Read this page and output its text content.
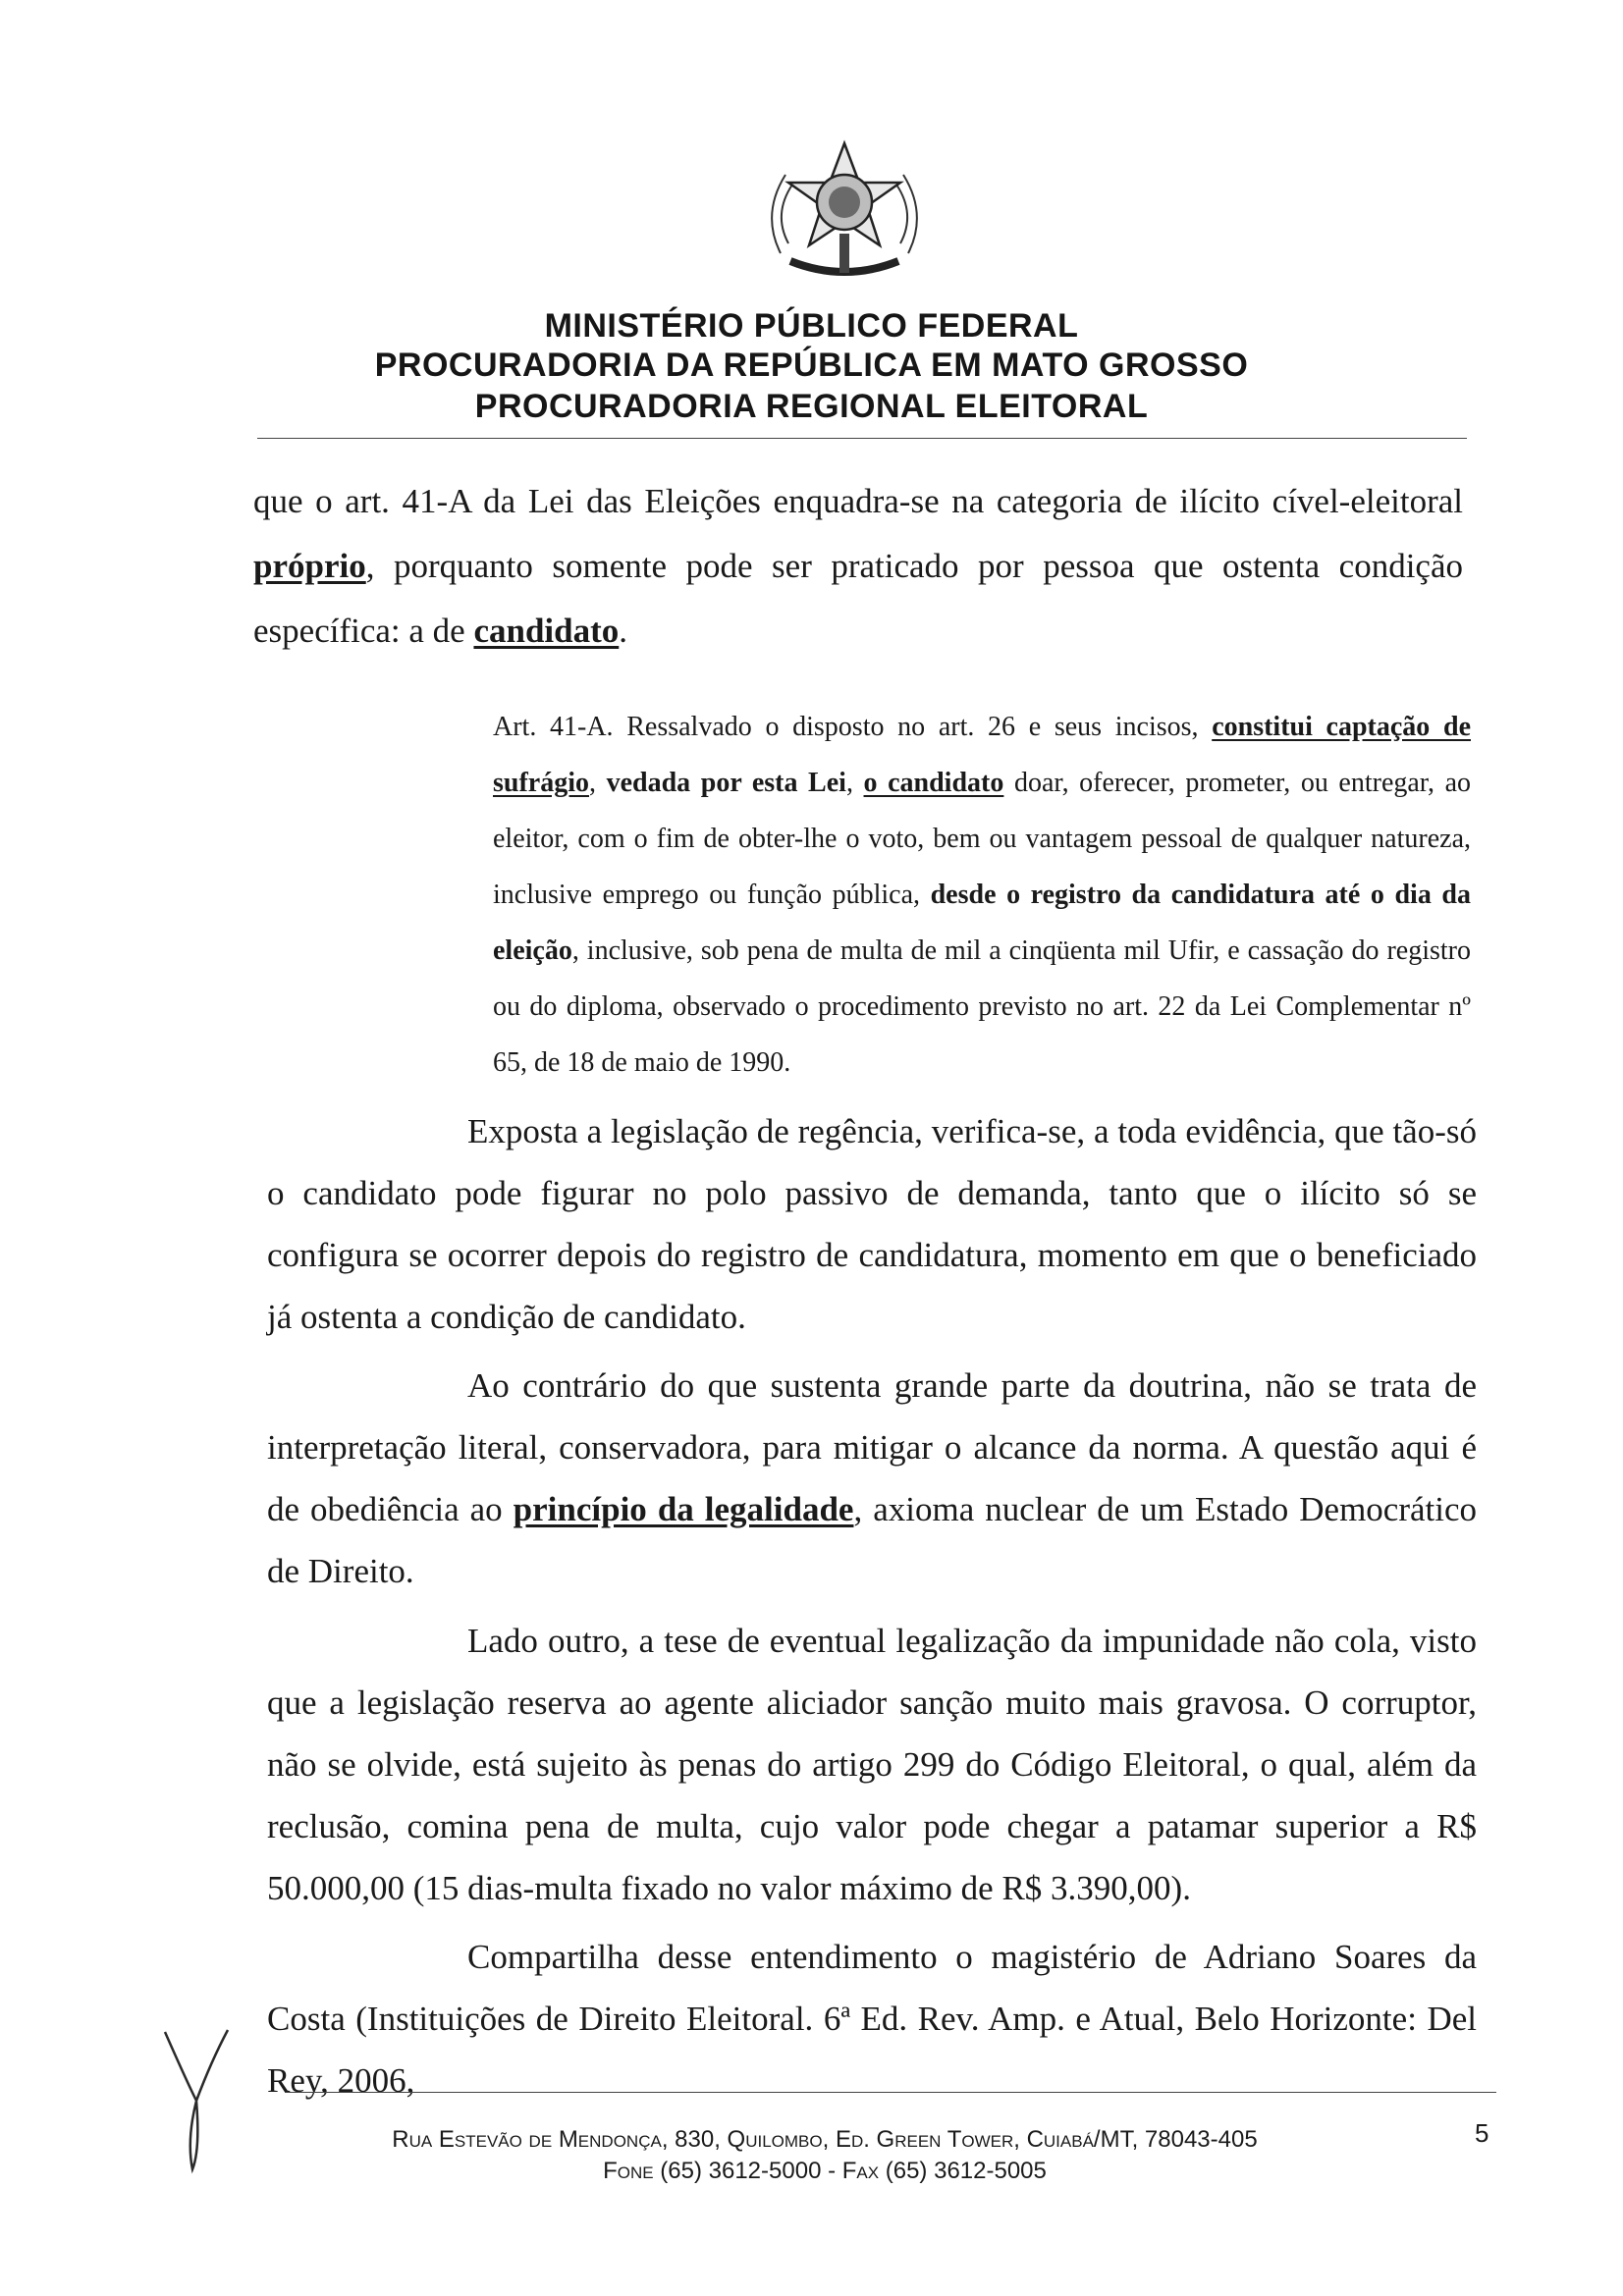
MINISTÉRIO PÚBLICO FEDERAL
PROCURADORIA DA REPÚBLICA EM MATO GROSSO
PROCURADORIA REGIONAL ELEITORAL

que o art. 41-A da Lei das Eleições enquadra-se na categoria de ilícito cível-eleitoral próprio, porquanto somente pode ser praticado por pessoa que ostenta condição específica: a de candidato.

Art. 41-A. Ressalvado o disposto no art. 26 e seus incisos, constitui captação de sufrágio, vedada por esta Lei, o candidato doar, oferecer, prometer, ou entregar, ao eleitor, com o fim de obter-lhe o voto, bem ou vantagem pessoal de qualquer natureza, inclusive emprego ou função pública, desde o registro da candidatura até o dia da eleição, inclusive, sob pena de multa de mil a cinqüenta mil Ufir, e cassação do registro ou do diploma, observado o procedimento previsto no art. 22 da Lei Complementar nº 65, de 18 de maio de 1990.

Exposta a legislação de regência, verifica-se, a toda evidência, que tão-só o candidato pode figurar no polo passivo de demanda, tanto que o ilícito só se configura se ocorrer depois do registro de candidatura, momento em que o beneficiado já ostenta a condição de candidato.

Ao contrário do que sustenta grande parte da doutrina, não se trata de interpretação literal, conservadora, para mitigar o alcance da norma. A questão aqui é de obediência ao princípio da legalidade, axioma nuclear de um Estado Democrático de Direito.

Lado outro, a tese de eventual legalização da impunidade não cola, visto que a legislação reserva ao agente aliciador sanção muito mais gravosa. O corruptor, não se olvide, está sujeito às penas do artigo 299 do Código Eleitoral, o qual, além da reclusão, comina pena de multa, cujo valor pode chegar a patamar superior a R$ 50.000,00 (15 dias-multa fixado no valor máximo de R$ 3.390,00).

Compartilha desse entendimento o magistério de Adriano Soares da Costa (Instituições de Direito Eleitoral. 6ª Ed. Rev. Amp. e Atual, Belo Horizonte: Del Rey, 2006,

Rua Estevão de Mendonça, 830, Quilombo, Ed. Green Tower, Cuiabá/MT, 78043-405
Fone (65) 3612-5000 - Fax (65) 3612-5005
5
